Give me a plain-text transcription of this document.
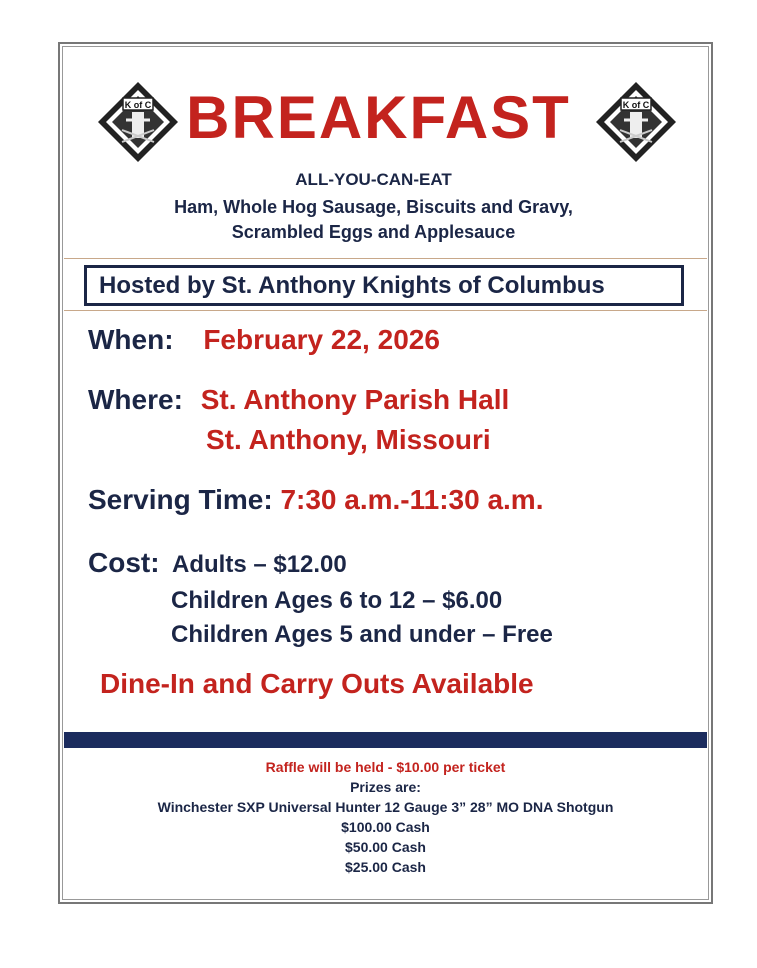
K of C	K of C
BREAKFAST
ALL-YOU-CAN-EAT
Ham, Whole Hog Sausage, Biscuits and Gravy,
Scrambled Eggs and Applesauce
Hosted by St. Anthony Knights of Columbus
When: February 22, 2026
Where: St. Anthony Parish Hall
St. Anthony, Missouri
Serving Time: 7:30 a.m.-11:30 a.m.
Cost: Adults – $12.00
Children Ages 6 to 12 – $6.00
Children Ages 5 and under – Free
Dine-In and Carry Outs Available
Raffle will be held - $10.00 per ticket
Prizes are:
Winchester SXP Universal Hunter 12 Gauge 3” 28” MO DNA Shotgun
$100.00 Cash
$50.00 Cash
$25.00 Cash
